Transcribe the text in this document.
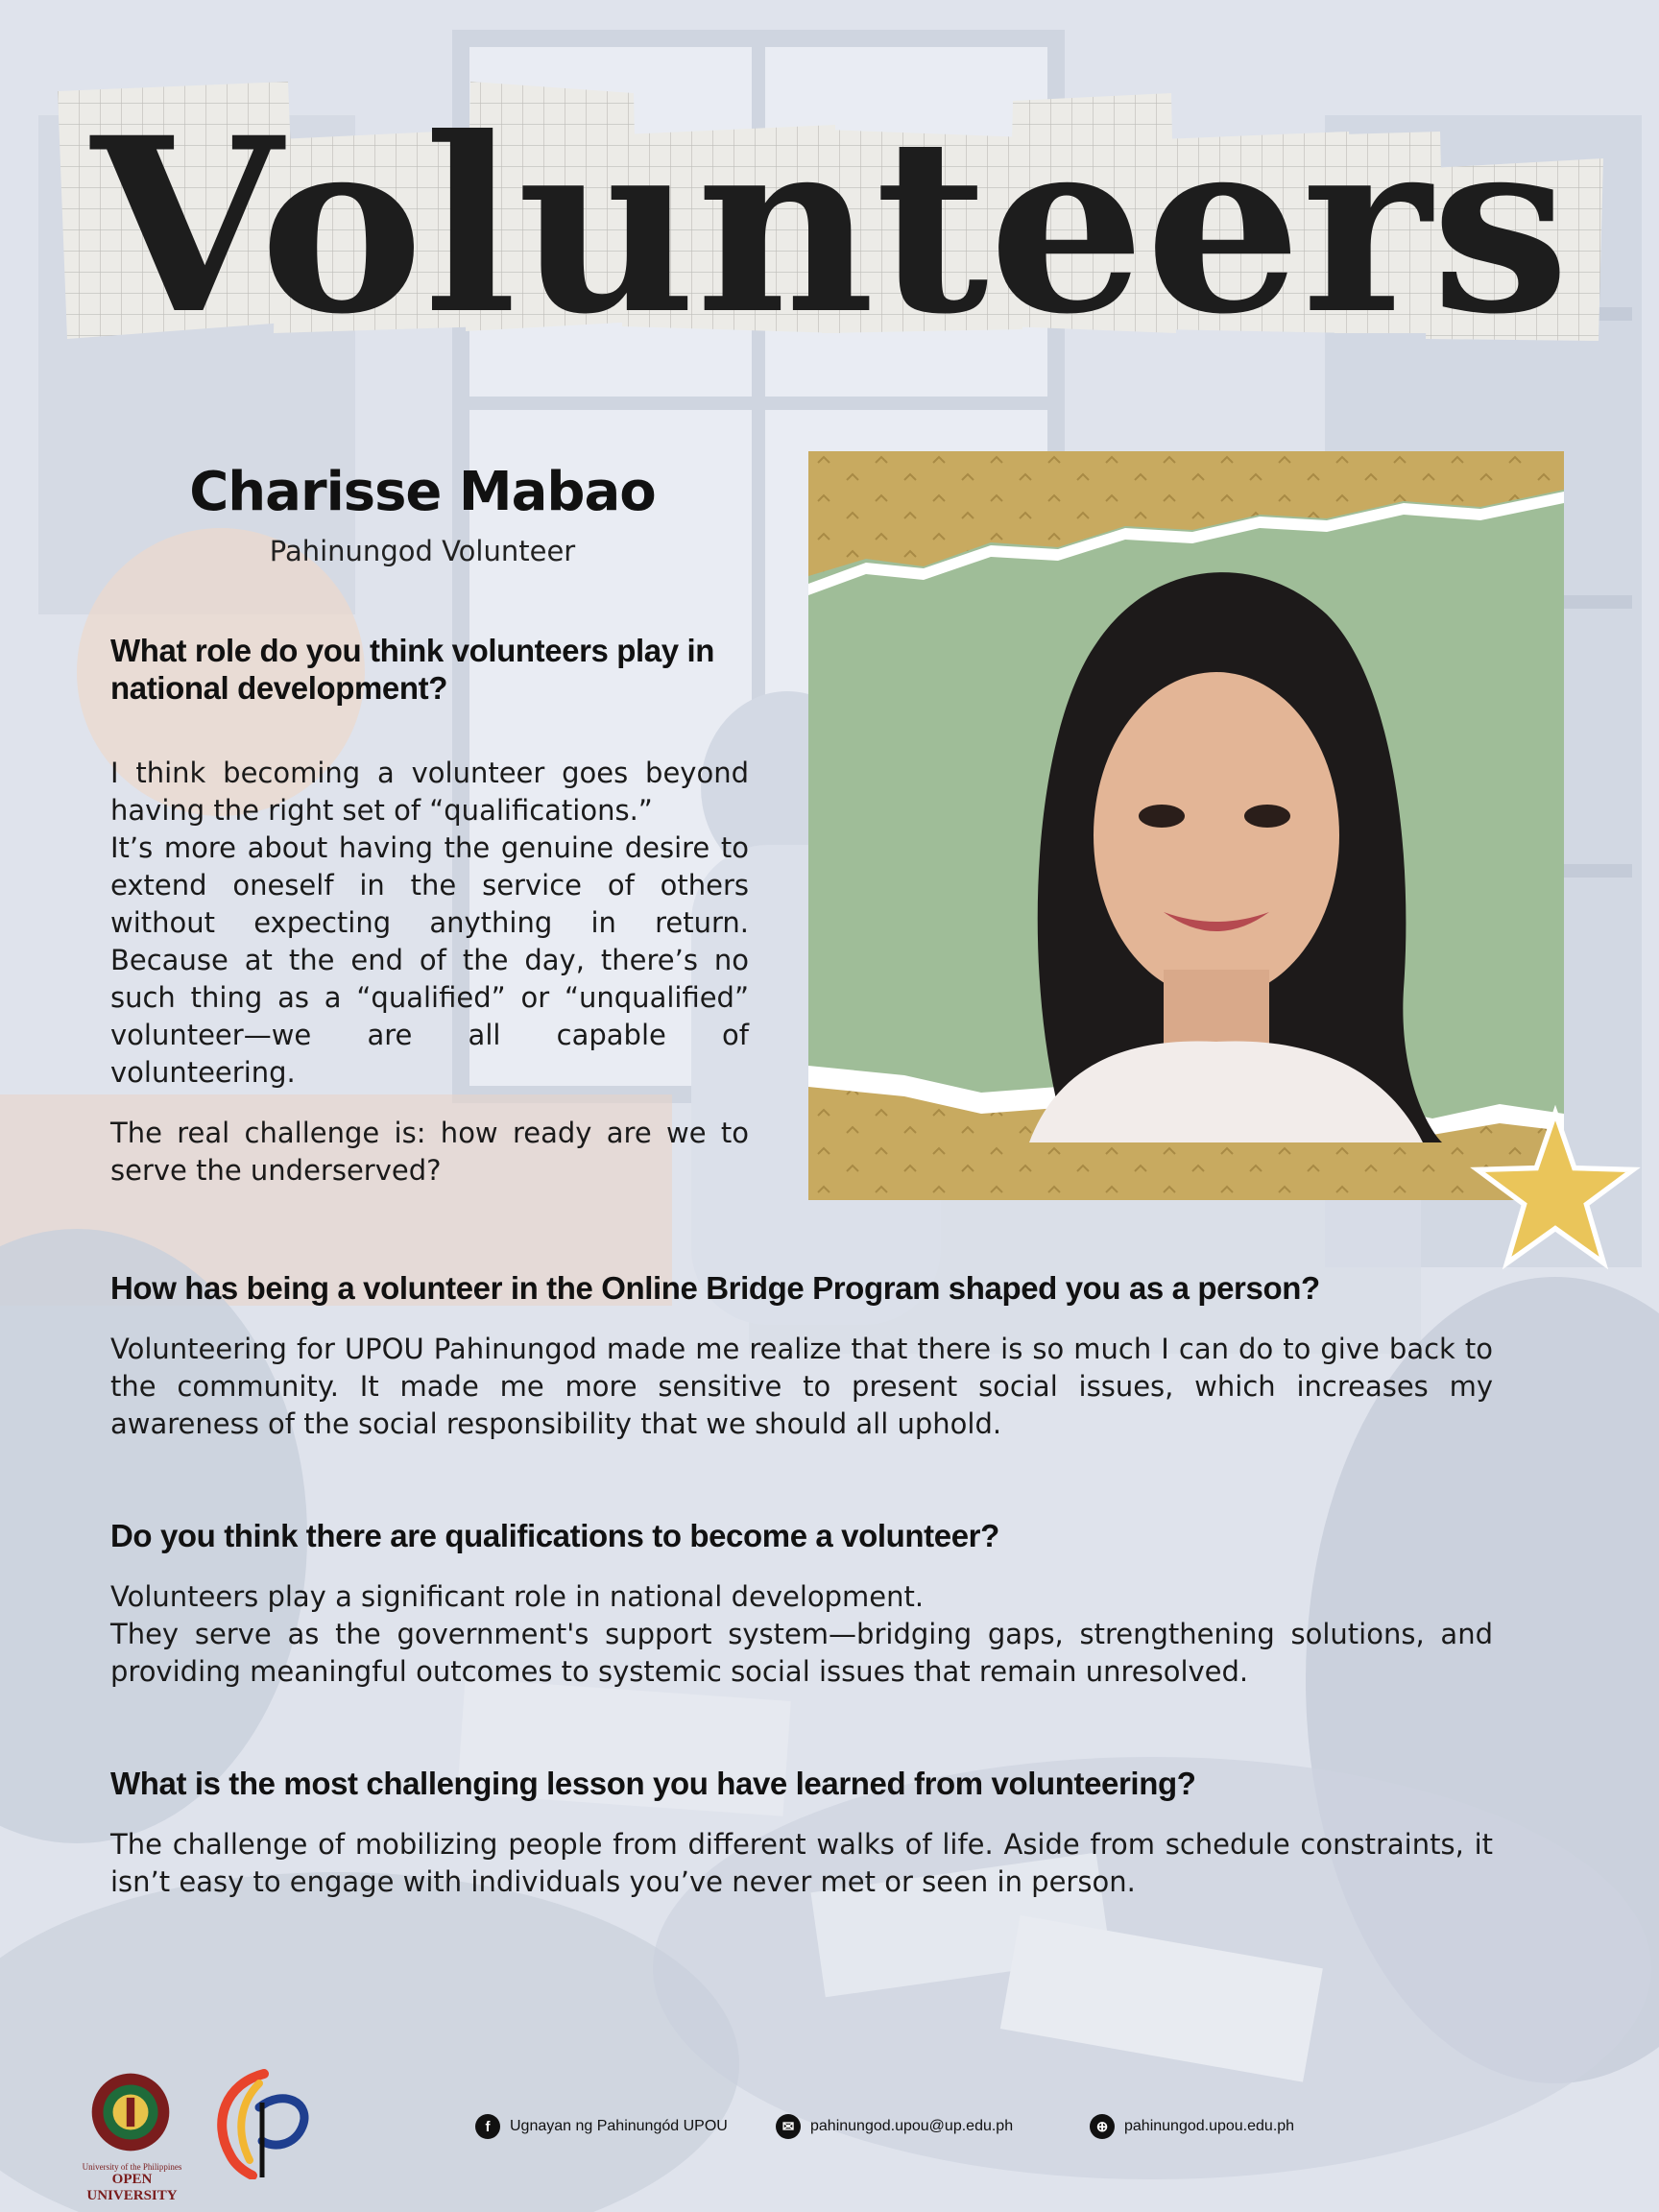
Volunteers
Charisse Mabao
Pahinungod Volunteer
What role do you think volunteers play in national development?

I think becoming a volunteer goes beyond having the right set of “qualifications.”

It’s more about having the genuine desire to extend oneself in the service of others without expecting anything in return. Because at the end of the day, there’s no such thing as a “qualified” or “unqualified” volunteer—we are all capable of volunteering.

The real challenge is: how ready are we to serve the underserved?

How has being a volunteer in the Online Bridge Program shaped you as a person?
Volunteering for UPOU Pahinungod made me realize that there is so much I can do to give back to the community. It made me more sensitive to present social issues, which increases my awareness of the social responsibility that we should all uphold.
Do you think there are qualifications to become a volunteer?

Volunteers play a significant role in national development.

They serve as the government's support system—bridging gaps, strengthening solutions, and providing meaningful outcomes to systemic social issues that remain unresolved.

What is the most challenging lesson you have learned from volunteering?
The challenge of mobilizing people from different walks of life. Aside from schedule constraints, it isn’t easy to engage with individuals you’ve never met or seen in person.
University of the Philippines
OPEN UNIVERSITY
f	Ugnayan ng Pahinungód UPOU	✉	pahinungod.upou@up.edu.ph	⊕	pahinungod.upou.edu.ph
